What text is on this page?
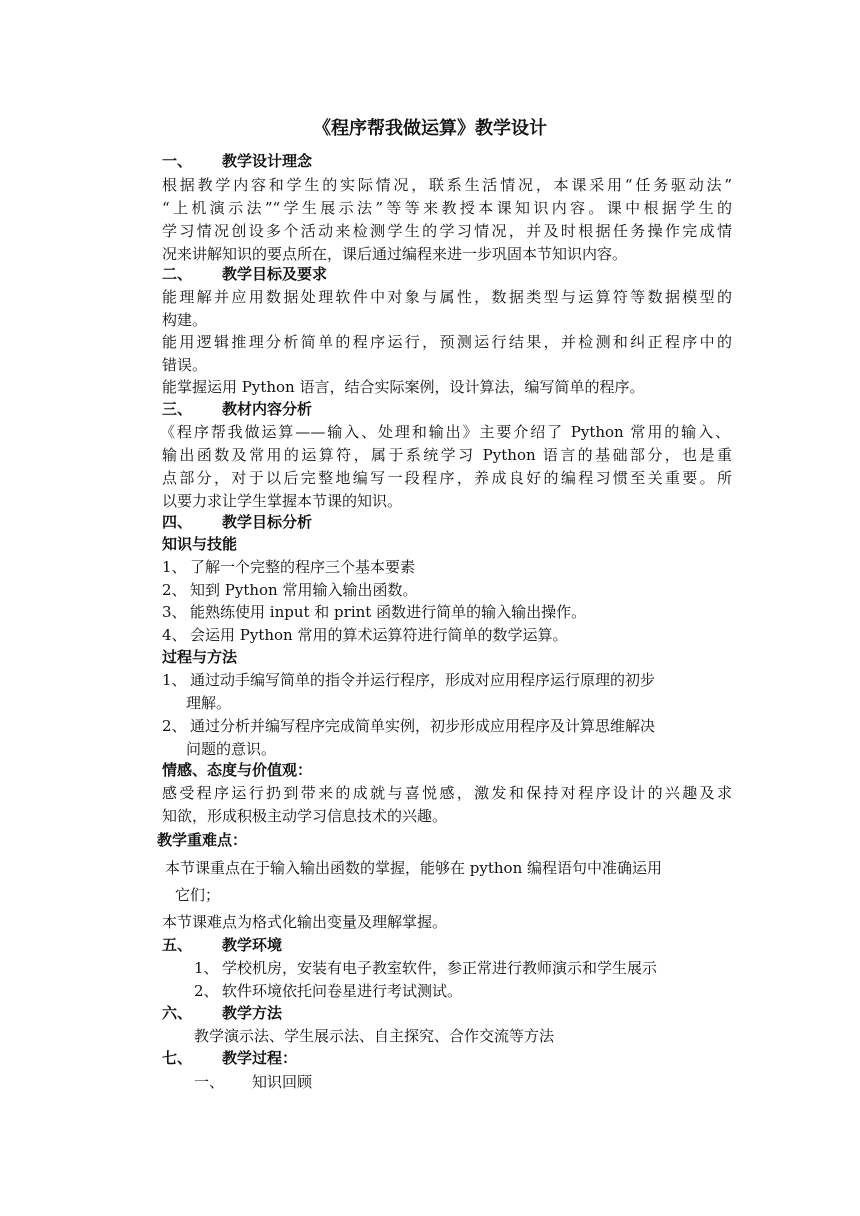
《程序帮我做运算》教学设计
一、 教学设计理念
根据教学内容和学生的实际情况，联系生活情况，本课采用“任务驱动法”
“上机演示法”“学生展示法”等等来教授本课知识内容。课中根据学生的
学习情况创设多个活动来检测学生的学习情况，并及时根据任务操作完成情
况来讲解知识的要点所在，课后通过编程来进一步巩固本节知识内容。
二、 教学目标及要求
能理解并应用数据处理软件中对象与属性，数据类型与运算符等数据模型的
构建。
能用逻辑推理分析简单的程序运行，预测运行结果，并检测和纠正程序中的
错误。
能掌握运用 Python 语言，结合实际案例，设计算法，编写简单的程序。
三、 教材内容分析
《程序帮我做运算——输入、处理和输出》主要介绍了 Python 常用的输入、
输出函数及常用的运算符，属于系统学习 Python 语言的基础部分，也是重
点部分，对于以后完整地编写一段程序，养成良好的编程习惯至关重要。所
以要力求让学生掌握本节课的知识。
四、 教学目标分析
知识与技能
1、 了解一个完整的程序三个基本要素
2、 知到 Python 常用输入输出函数。
3、 能熟练使用 input 和 print 函数进行简单的输入输出操作。
4、 会运用 Python 常用的算术运算符进行简单的数学运算。
过程与方法
1、 通过动手编写简单的指令并运行程序，形成对应用程序运行原理的初步
理解。
2、 通过分析并编写程序完成简单实例，初步形成应用程序及计算思维解决
问题的意识。
情感、态度与价值观：
感受程序运行扔到带来的成就与喜悦感，激发和保持对程序设计的兴趣及求
知欲，形成积极主动学习信息技术的兴趣。
教学重难点：
本节课重点在于输入输出函数的掌握，能够在 python 编程语句中准确运用
它们；
本节课难点为格式化输出变量及理解掌握。
五、 教学环境
1、 学校机房，安装有电子教室软件，参正常进行教师演示和学生展示
2、 软件环境依托问卷星进行考试测试。
六、 教学方法
教学演示法、学生展示法、自主探究、合作交流等方法
七、 教学过程：
一、 知识回顾
